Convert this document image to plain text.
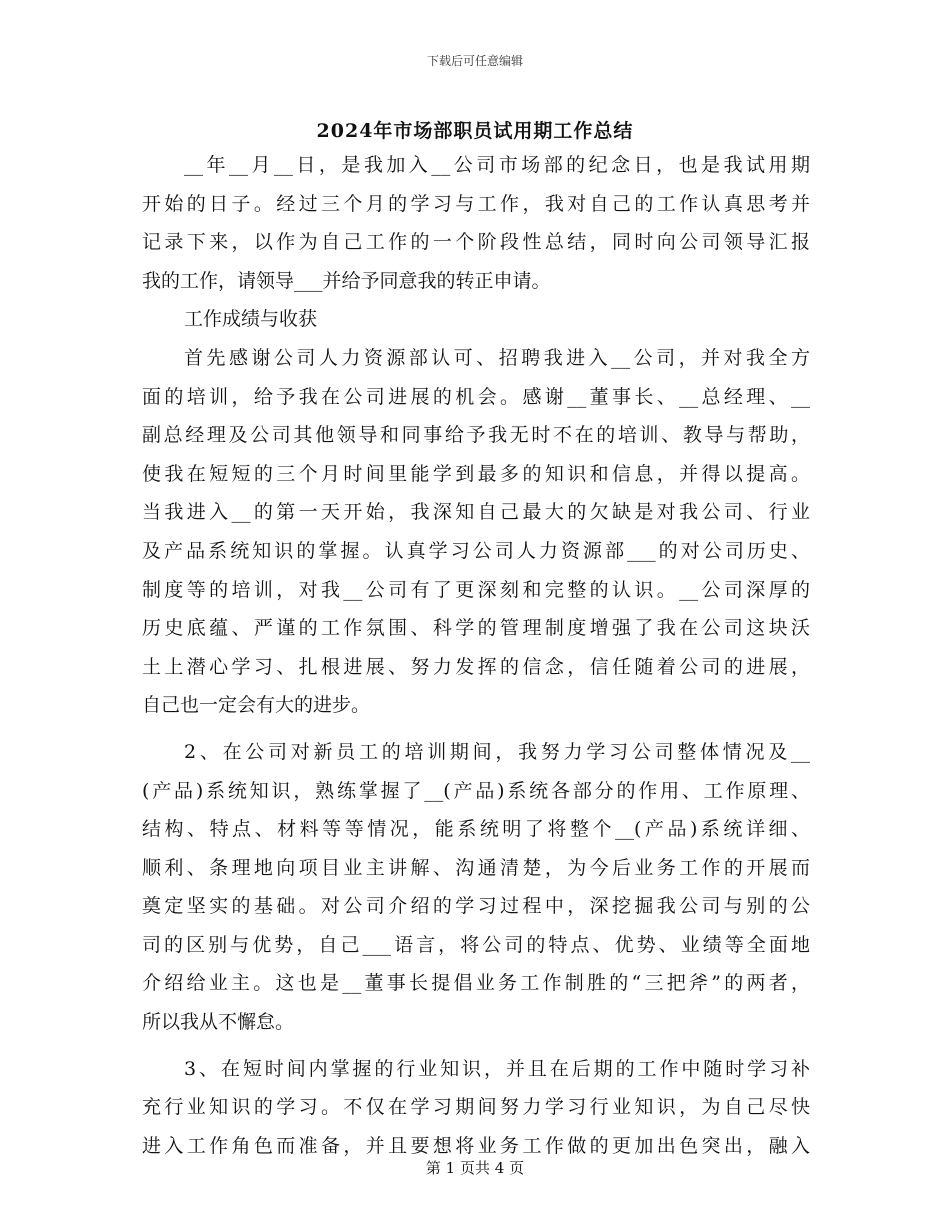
下载后可任意编辑
2024年市场部职员试用期工作总结
__年__月__日，是我加入__公司市场部的纪念日，也是我试用期
开始的日子。经过三个月的学习与工作，我对自己的工作认真思考并
记录下来，以作为自己工作的一个阶段性总结，同时向公司领导汇报
我的工作，请领导___并给予同意我的转正申请。
工作成绩与收获
首先感谢公司人力资源部认可、招聘我进入__公司，并对我全方
面的培训，给予我在公司进展的机会。感谢__董事长、__总经理、__
副总经理及公司其他领导和同事给予我无时不在的培训、教导与帮助，
使我在短短的三个月时间里能学到最多的知识和信息，并得以提高。
当我进入__的第一天开始，我深知自己最大的欠缺是对我公司、行业
及产品系统知识的掌握。认真学习公司人力资源部___的对公司历史、
制度等的培训，对我__公司有了更深刻和完整的认识。__公司深厚的
历史底蕴、严谨的工作氛围、科学的管理制度增强了我在公司这块沃
土上潜心学习、扎根进展、努力发挥的信念，信任随着公司的进展，
自己也一定会有大的进步。
2、在公司对新员工的培训期间，我努力学习公司整体情况及__
(产品)系统知识，熟练掌握了__(产品)系统各部分的作用、工作原理、
结构、特点、材料等等情况，能系统明了将整个__(产品)系统详细、
顺利、条理地向项目业主讲解、沟通清楚，为今后业务工作的开展而
奠定坚实的基础。对公司介绍的学习过程中，深挖掘我公司与别的公
司的区别与优势，自己___语言，将公司的特点、优势、业绩等全面地
介绍给业主。这也是__董事长提倡业务工作制胜的“三把斧”的两者，
所以我从不懈怠。
3、在短时间内掌握的行业知识，并且在后期的工作中随时学习补
充行业知识的学习。不仅在学习期间努力学习行业知识，为自己尽快
进入工作角色而准备，并且要想将业务工作做的更加出色突出，融入
第 1 页共 4 页
